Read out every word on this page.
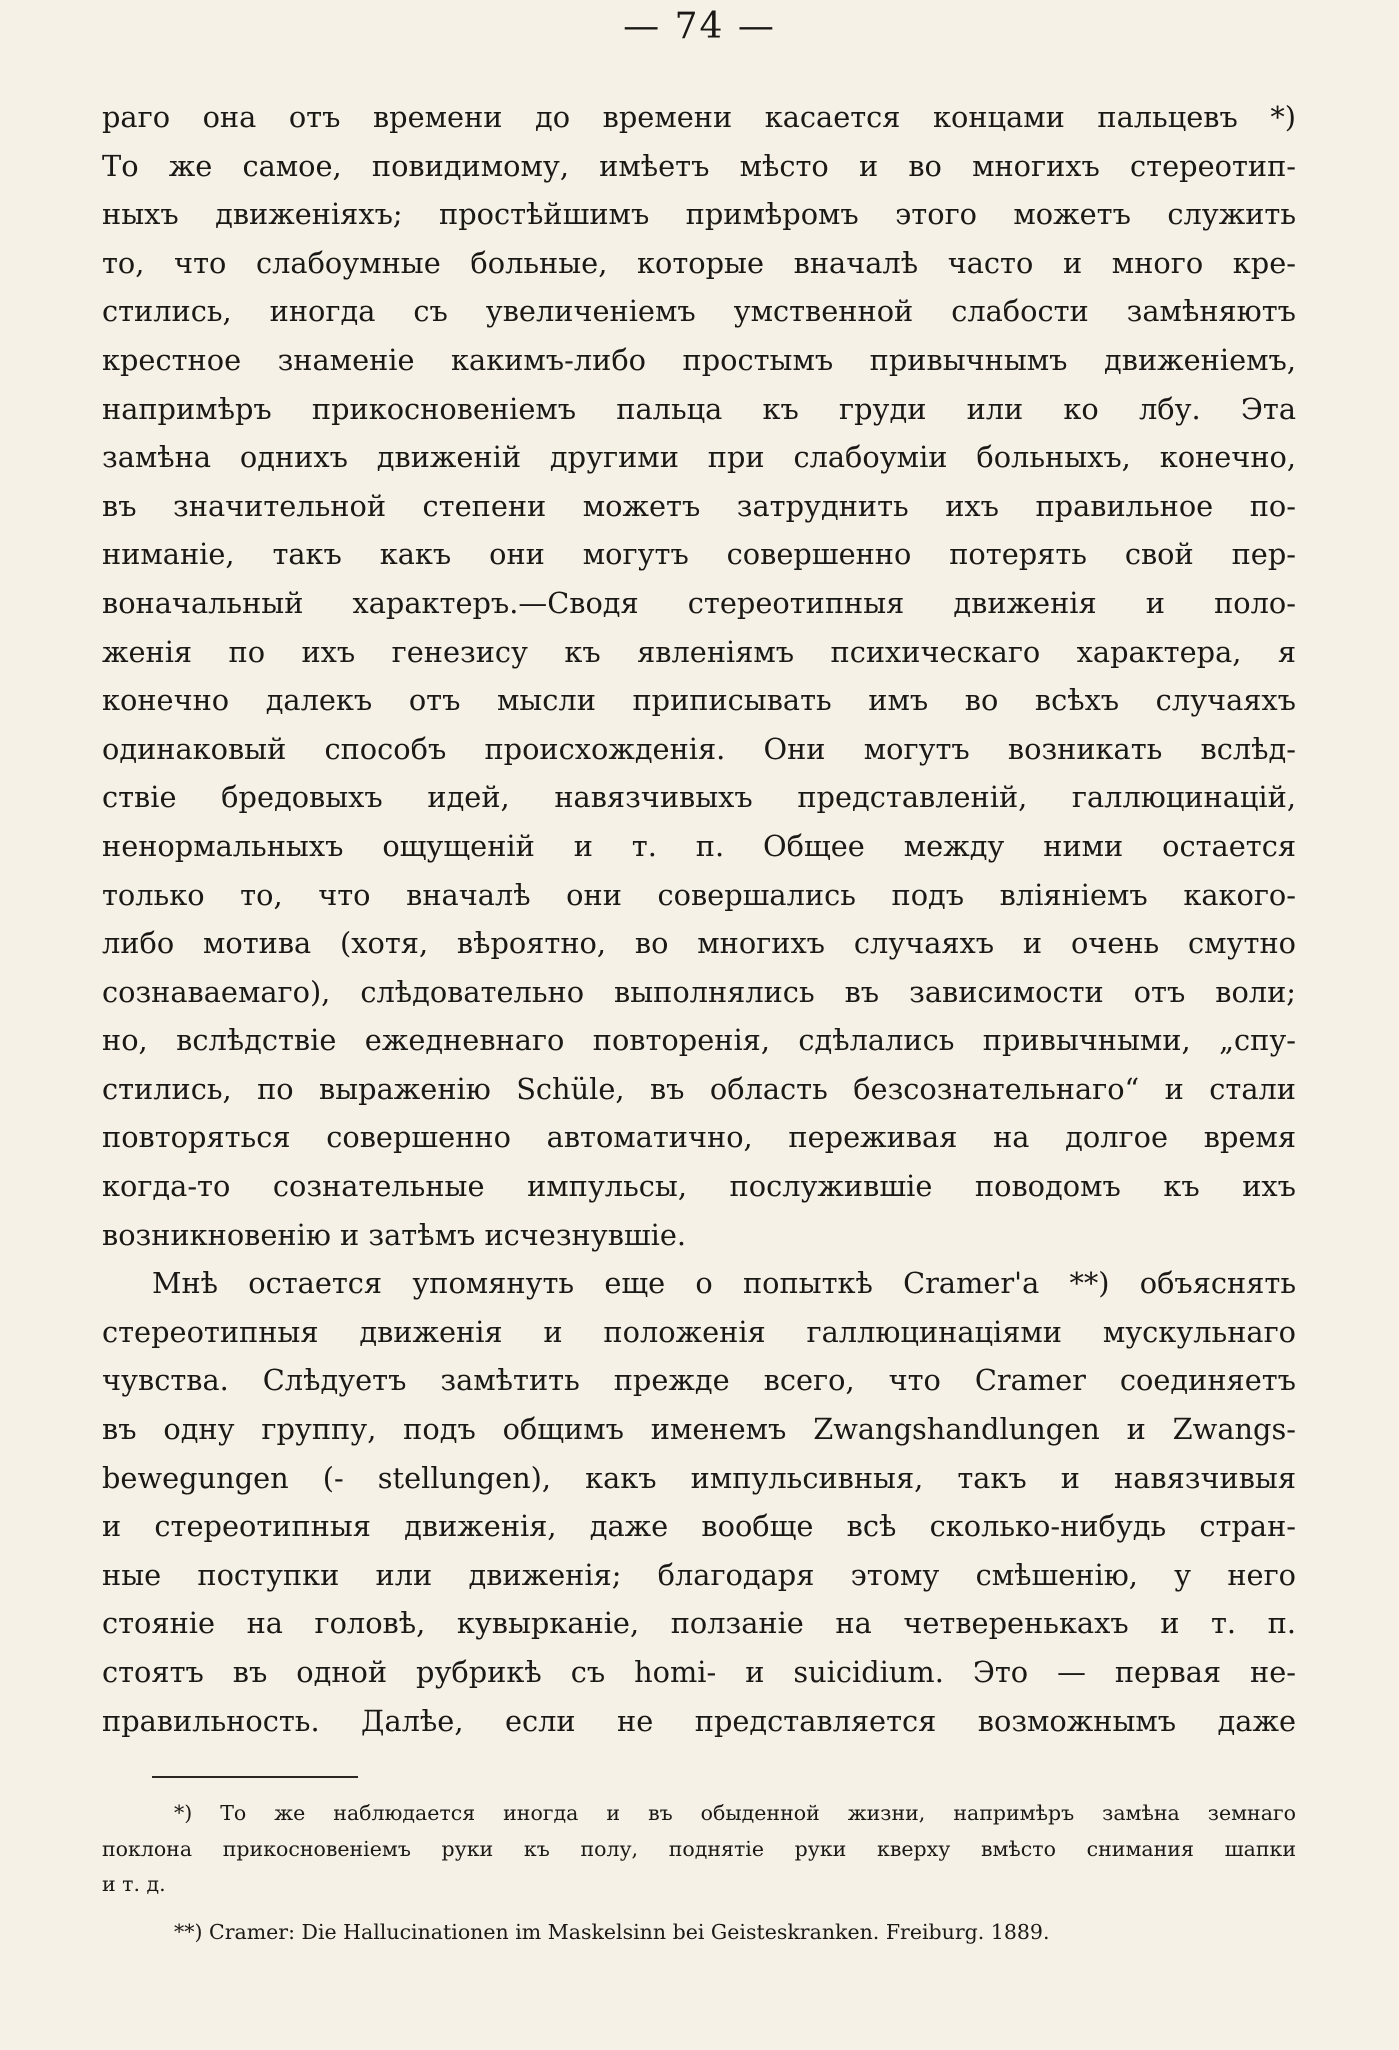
— 74 —
раго она отъ времени до времени касается концами пальцевъ *)
То же самое, повидимому, имѣетъ мѣсто и во многихъ стереотип-
ныхъ движеніяхъ; простѣйшимъ примѣромъ этого можетъ служить
то, что слабоумные больные, которые вначалѣ часто и много кре-
стились, иногда съ увеличеніемъ умственной слабости замѣняютъ
крестное знаменіе какимъ-либо простымъ привычнымъ движеніемъ,
напримѣръ прикосновеніемъ пальца къ груди или ко лбу. Эта
замѣна однихъ движеній другими при слабоуміи больныхъ, конечно,
въ значительной степени можетъ затруднить ихъ правильное по-
ниманіе, такъ какъ они могутъ совершенно потерять свой пер-
воначальный характеръ.—Сводя стереотипныя движенія и поло-
женія по ихъ генезису къ явленіямъ психическаго характера, я
конечно далекъ отъ мысли приписывать имъ во всѣхъ случаяхъ
одинаковый способъ происхожденія. Они могутъ возникать вслѣд-
ствіе бредовыхъ идей, навязчивыхъ представленій, галлюцинацій,
ненормальныхъ ощущеній и т. п. Общее между ними остается
только то, что вначалѣ они совершались подъ вліяніемъ какого-
либо мотива (хотя, вѣроятно, во многихъ случаяхъ и очень смутно
сознаваемаго), слѣдовательно выполнялись въ зависимости отъ воли;
но, вслѣдствіе ежедневнаго повторенія, сдѣлались привычными, „спу-
стились, по выраженію Schüle, въ область безсознательнаго“ и стали
повторяться совершенно автоматично, переживая на долгое время
когда-то сознательные импульсы, послужившіе поводомъ къ ихъ
возникновенію и затѣмъ исчезнувшіе.
Мнѣ остается упомянуть еще о попыткѣ Cramer'a **) объяснять
стереотипныя движенія и положенія галлюцинаціями мускульнаго
чувства. Слѣдуетъ замѣтить прежде всего, что Cramer соединяетъ
въ одну группу, подъ общимъ именемъ Zwangshandlungen и Zwangs-
bewegungen (- stellungen), какъ импульсивныя, такъ и навязчивыя
и стереотипныя движенія, даже вообще всѣ сколько-нибудь стран-
ные поступки или движенія; благодаря этому смѣшенію, у него
стояніе на головѣ, кувырканіе, ползаніе на четверенькахъ и т. п.
стоятъ въ одной рубрикѣ съ homi- и suicidium. Это — первая не-
правильность. Далѣе, если не представляется возможнымъ даже
*) То же наблюдается иногда и въ обыденной жизни, напримѣръ замѣна земнаго
поклона прикосновеніемъ руки къ полу, поднятіе руки кверху вмѣсто снимания шапки
и т. д.
**) Cramer: Die Hallucinationen im Maskelsinn bei Geisteskranken. Freiburg. 1889.
